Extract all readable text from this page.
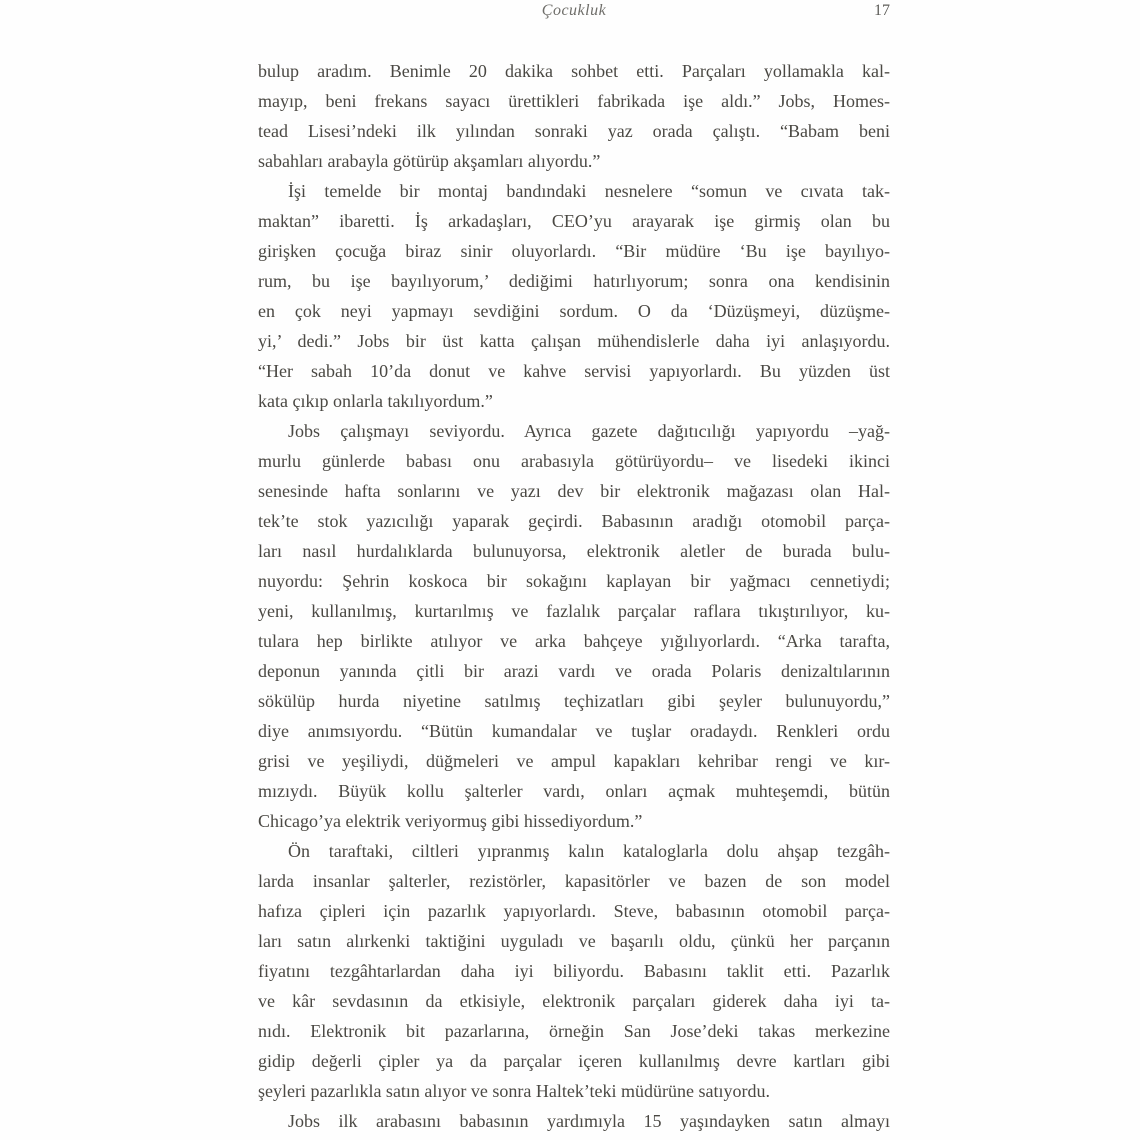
Çocukluk	17
bulup aradım. Benimle 20 dakika sohbet etti. Parçaları yollamakla kal-
mayıp, beni frekans sayacı ürettikleri fabrikada işe aldı.” Jobs, Homes-
tead Lisesi’ndeki ilk yılından sonraki yaz orada çalıştı. “Babam beni
sabahları arabayla götürüp akşamları alıyordu.”
İşi temelde bir montaj bandındaki nesnelere “somun ve cıvata tak-
maktan” ibaretti. İş arkadaşları, CEO’yu arayarak işe girmiş olan bu
girişken çocuğa biraz sinir oluyorlardı. “Bir müdüre ‘Bu işe bayılıyo-
rum, bu işe bayılıyorum,’ dediğimi hatırlıyorum; sonra ona kendisinin
en çok neyi yapmayı sevdiğini sordum. O da ‘Düzüşmeyi, düzüşme-
yi,’ dedi.” Jobs bir üst katta çalışan mühendislerle daha iyi anlaşıyordu.
“Her sabah 10’da donut ve kahve servisi yapıyorlardı. Bu yüzden üst
kata çıkıp onlarla takılıyordum.”
Jobs çalışmayı seviyordu. Ayrıca gazete dağıtıcılığı yapıyordu –yağ-
murlu günlerde babası onu arabasıyla götürüyordu– ve lisedeki ikinci
senesinde hafta sonlarını ve yazı dev bir elektronik mağazası olan Hal-
tek’te stok yazıcılığı yaparak geçirdi. Babasının aradığı otomobil parça-
ları nasıl hurdalıklarda bulunuyorsa, elektronik aletler de burada bulu-
nuyordu: Şehrin koskoca bir sokağını kaplayan bir yağmacı cennetiydi;
yeni, kullanılmış, kurtarılmış ve fazlalık parçalar raflara tıkıştırılıyor, ku-
tulara hep birlikte atılıyor ve arka bahçeye yığılıyorlardı. “Arka tarafta,
deponun yanında çitli bir arazi vardı ve orada Polaris denizaltılarının
sökülüp hurda niyetine satılmış teçhizatları gibi şeyler bulunuyordu,”
diye anımsıyordu. “Bütün kumandalar ve tuşlar oradaydı. Renkleri ordu
grisi ve yeşiliydi, düğmeleri ve ampul kapakları kehribar rengi ve kır-
mızıydı. Büyük kollu şalterler vardı, onları açmak muhteşemdi, bütün
Chicago’ya elektrik veriyormuş gibi hissediyordum.”
Ön taraftaki, ciltleri yıpranmış kalın kataloglarla dolu ahşap tezgâh-
larda insanlar şalterler, rezistörler, kapasitörler ve bazen de son model
hafıza çipleri için pazarlık yapıyorlardı. Steve, babasının otomobil parça-
ları satın alırkenki taktiğini uyguladı ve başarılı oldu, çünkü her parçanın
fiyatını tezgâhtarlardan daha iyi biliyordu. Babasını taklit etti. Pazarlık
ve kâr sevdasının da etkisiyle, elektronik parçaları giderek daha iyi ta-
nıdı. Elektronik bit pazarlarına, örneğin San Jose’deki takas merkezine
gidip değerli çipler ya da parçalar içeren kullanılmış devre kartları gibi
şeyleri pazarlıkla satın alıyor ve sonra Haltek’teki müdürüne satıyordu.
Jobs ilk arabasını babasının yardımıyla 15 yaşındayken satın almayı
